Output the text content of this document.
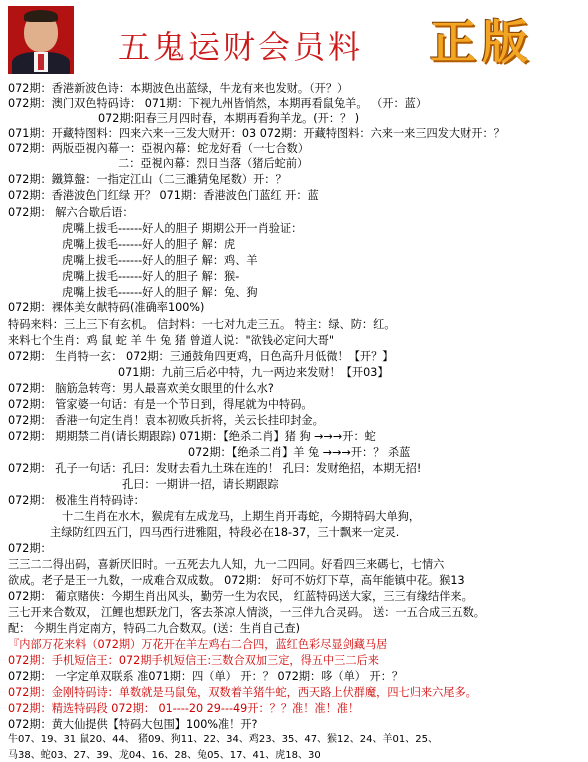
五鬼运财会员料 正版
072期：香港新波色诗：本期波色出蓝绿，牛龙有来也发财。（开？）
072期：澳门双色特码诗： 071期：下视九州皆悄然，本期再看鼠兔羊。 （开：蓝）
072期:阳春三月四时春，本期再看狗羊龙。(开：？ )
071期：开藏特图料：四来六来一三发大财开：03 072期：开藏特图料：六来一来三四发大财开：？
072期：两版亞視內幕一：亞視內幕：蛇龙好看（一七合数）
二：亞視內幕：烈日当落（猪后蛇前）
072期：鐵算盤：一指定江山（二三濉猜兔尾数）开：？
072期：香港波色门红绿 开？ 071期：香港波色门蓝红 开：蓝
072期： 解六合歇后语：
虎嘴上拔毛------好人的胆子 期期公开一肖验证：
虎嘴上拔毛------好人的胆子 解：虎
虎嘴上拔毛------好人的胆子 解：鸡、羊
虎嘴上拔毛------好人的胆子 解：猴-
虎嘴上拔毛------好人的胆子 解：兔、狗
072期：裸体美女献特码(准确率100%)
特码来料：三上三下有玄机。 信封料：一七对九走三五。 特主：绿、防：红。
来料七个生肖：鸡 鼠 蛇 羊 牛 兔 猪 曾道人说："欲钱必定问大哥"
072期： 生肖特一玄： 072期：三通鼓角四更鸡，日色高升月低微！【开？】
071期：九前三后必中特，九一两边来发财！【开03】
072期： 脑筋急转弯：男人最喜欢美女眼里的什么水?
072期： 管家婆一句话：有是一个节日到，得尾就为中特码。
072期： 香港一句定生肖！袁本初败兵折将，关云长挂印封金。
072期： 期期禁二肖(请长期跟踪) 071期：【绝杀二肖】猪 狗 →→→开：蛇
072期：【绝杀二肖】羊 兔 →→→开：？ 杀蓝
072期： 孔子一句话：孔曰：发财去看九土珠在连的！ 孔曰：发财绝招，本期无招!
孔曰：一期讲一招，请长期跟踪
072期： 极准生肖特码诗：
十二生肖在水木，猴虎有左成龙马，上期生肖开毒蛇，今期特码大单狗，
主绿防红四五门，四马西行进雅阻，特段必在18-37，三十飘来一定灵.
072期：
三三二二得出码，喜新厌旧时。一五死去九人知，九一二四同。好看四三来碼七，七情六
欲成。老子是王一九数，一成难合双成数。 072期： 好可不妨灯下草，高年能镇中花。猴13
072期： 葡京赌侠：今期生肖出风头，勤劳一生为农民， 红蓝特码送大家，三三有缘结伴来。
三七开来合数双， 江鲤也想跃龙门，客去茶凉人情淡，一三伴九合灵码。 送：一五合成三五数。
配： 今期生肖定南方，特码二九合数双。(送：生肖自己查)
『内部万花来料（072期）万花开在羊左鸡右二合四，蓝红色彩尽显剑藏马居
072期：手机短信王：072期手机短信王:三数合双加三定，得五中三二后来
072期： 一字定单双联系 准071期：四（单） 开：？ 072期：哆（单） 开：？
072期：金刚特码诗：单数就是马鼠兔，双数着羊猪牛蛇，西天路上伏群魔，四七归来六尾多。
072期：精选特码段 072期： 01----20 29---49开：？？准！准！准！
072期：黄大仙提供【特码大包围】100%准！开?
牛07、19、31 鼠20、44、 猪09、狗11、22、34、鸡23、35、47、猴12、24、羊01、25、
马38、蛇03、27、39、龙04、16、28、兔05、17、41、虎18、30
